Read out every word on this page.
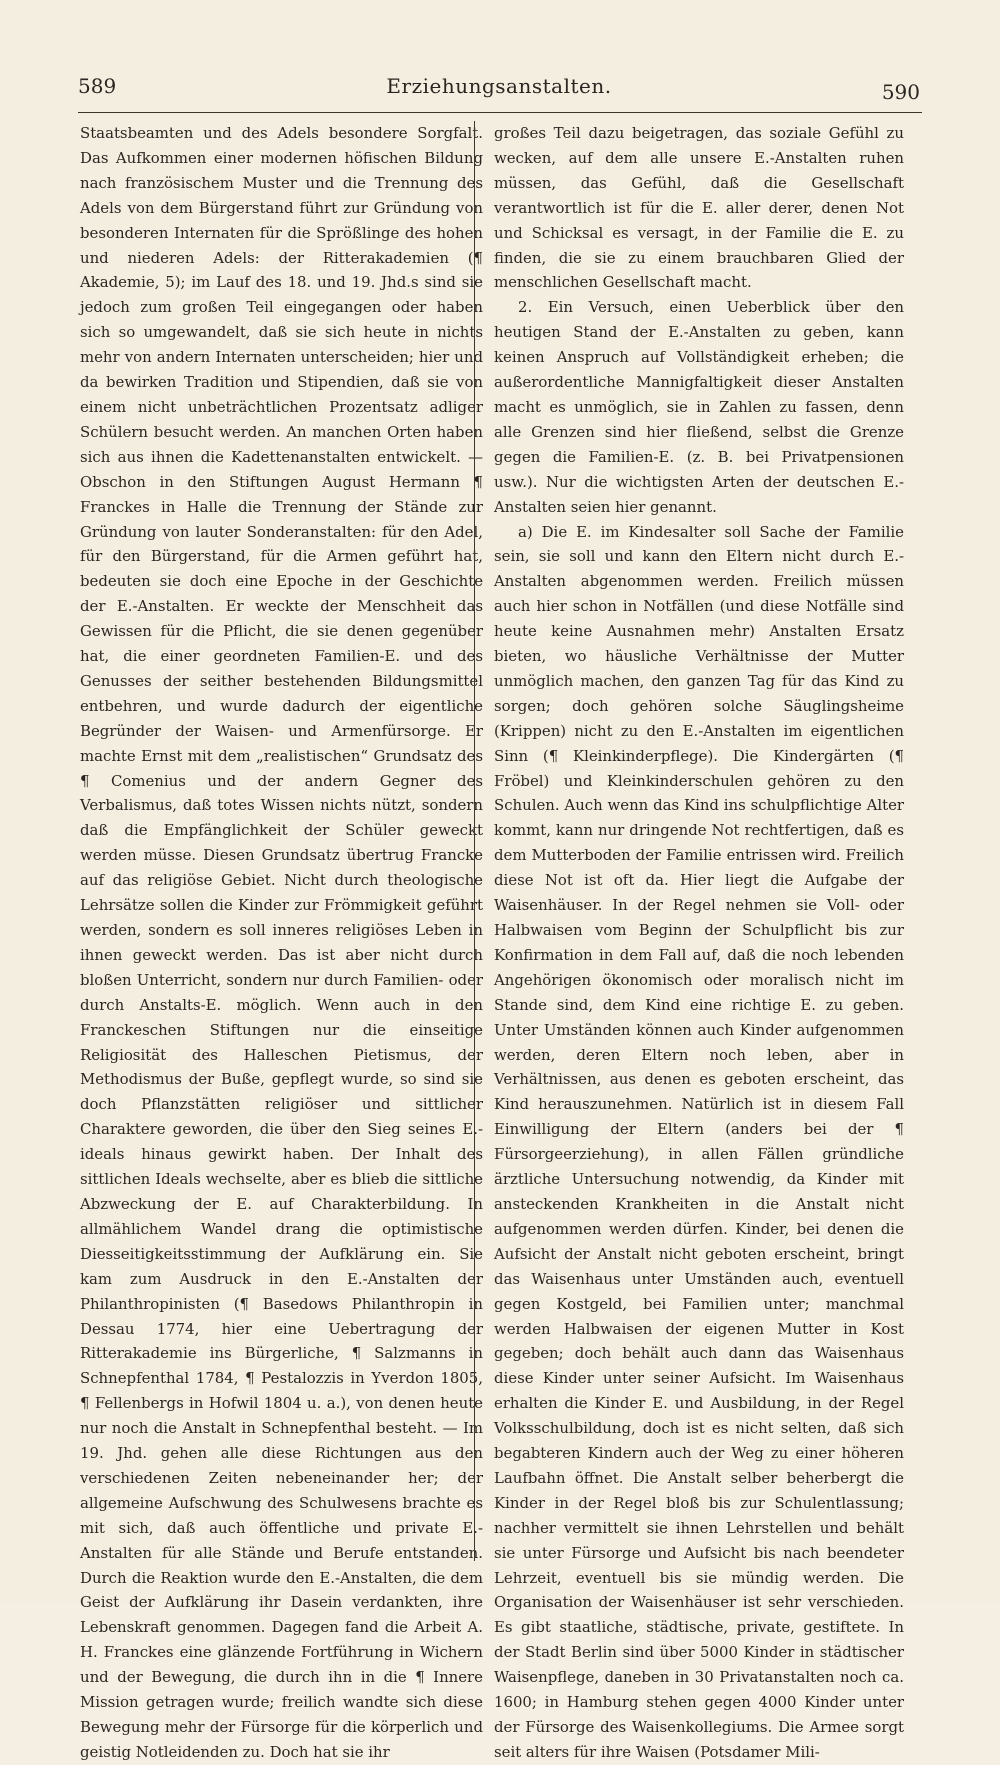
589	Erziehungsanstalten.	590

Staatsbeamten und des Adels besondere Sorgfalt. Das Aufkommen einer modernen höfischen Bildung nach französischem Muster und die Trennung des Adels von dem Bürgerstand führt zur Gründung von besonderen Internaten für die Sprößlinge des hohen und niederen Adels: der Ritterakademien (¶ Akademie, 5); im Lauf des 18. und 19. Jhd.s sind sie jedoch zum großen Teil eingegangen oder haben sich so umgewandelt, daß sie sich heute in nichts mehr von andern Internaten unterscheiden; hier und da bewirken Tradition und Stipendien, daß sie von einem nicht unbeträchtlichen Prozentsatz adliger Schülern besucht werden. An manchen Orten haben sich aus ihnen die Kadettenanstalten entwickelt. — Obschon in den Stiftungen August Hermann ¶ Franckes in Halle die Trennung der Stände zur Gründung von lauter Sonderanstalten: für den Adel, für den Bürgerstand, für die Armen geführt hat, bedeuten sie doch eine Epoche in der Geschichte der E.-Anstalten. Er weckte der Menschheit das Gewissen für die Pflicht, die sie denen gegenüber hat, die einer geordneten Familien-E. und des Genusses der seither bestehenden Bildungsmittel entbehren, und wurde dadurch der eigentliche Begründer der Waisen- und Armenfürsorge. Er machte Ernst mit dem „realistischen“ Grundsatz des ¶ Comenius und der andern Gegner des Verbalismus, daß totes Wissen nichts nützt, sondern daß die Empfänglichkeit der Schüler geweckt werden müsse. Diesen Grundsatz übertrug Francke auf das religiöse Gebiet. Nicht durch theologische Lehrsätze sollen die Kinder zur Frömmigkeit geführt werden, sondern es soll inneres religiöses Leben in ihnen geweckt werden. Das ist aber nicht durch bloßen Unterricht, sondern nur durch Familien- oder durch Anstalts-E. möglich. Wenn auch in den Franckeschen Stiftungen nur die einseitige Religiosität des Halleschen Pietismus, der Methodismus der Buße, gepflegt wurde, so sind sie doch Pflanzstätten religiöser und sittlicher Charaktere geworden, die über den Sieg seines E.-ideals hinaus gewirkt haben. Der Inhalt des sittlichen Ideals wechselte, aber es blieb die sittliche Abzweckung der E. auf Charakterbildung. In allmählichem Wandel drang die optimistische Diesseitigkeitsstimmung der Aufklärung ein. Sie kam zum Ausdruck in den E.-Anstalten der Philanthropinisten (¶ Basedows Philanthropin in Dessau 1774, hier eine Uebertragung der Ritterakademie ins Bürgerliche, ¶ Salzmanns in Schnepfenthal 1784, ¶ Pestalozzis in Yverdon 1805, ¶ Fellenbergs in Hofwil 1804 u. a.), von denen heute nur noch die Anstalt in Schnepfenthal besteht. — Im 19. Jhd. gehen alle diese Richtungen aus den verschiedenen Zeiten nebeneinander her; der allgemeine Aufschwung des Schulwesens brachte es mit sich, daß auch öffentliche und private E.-Anstalten für alle Stände und Berufe entstanden. Durch die Reaktion wurde den E.-Anstalten, die dem Geist der Aufklärung ihr Dasein verdankten, ihre Lebenskraft genommen. Dagegen fand die Arbeit A. H. Franckes eine glänzende Fortführung in Wichern und der Bewegung, die durch ihn in die ¶ Innere Mission getragen wurde; freilich wandte sich diese Bewegung mehr der Fürsorge für die körperlich und geistig Notleidenden zu. Doch hat sie ihr

großes Teil dazu beigetragen, das soziale Gefühl zu wecken, auf dem alle unsere E.-Anstalten ruhen müssen, das Gefühl, daß die Gesellschaft verantwortlich ist für die E. aller derer, denen Not und Schicksal es versagt, in der Familie die E. zu finden, die sie zu einem brauchbaren Glied der menschlichen Gesellschaft macht.

2. Ein Versuch, einen Ueberblick über den heutigen Stand der E.-Anstalten zu geben, kann keinen Anspruch auf Vollständigkeit erheben; die außerordentliche Mannigfaltigkeit dieser Anstalten macht es unmöglich, sie in Zahlen zu fassen, denn alle Grenzen sind hier fließend, selbst die Grenze gegen die Familien-E. (z. B. bei Privatpensionen usw.). Nur die wichtigsten Arten der deutschen E.-Anstalten seien hier genannt.

a) Die E. im Kindesalter soll Sache der Familie sein, sie soll und kann den Eltern nicht durch E.-Anstalten abgenommen werden. Freilich müssen auch hier schon in Notfällen (und diese Notfälle sind heute keine Ausnahmen mehr) Anstalten Ersatz bieten, wo häusliche Verhältnisse der Mutter unmöglich machen, den ganzen Tag für das Kind zu sorgen; doch gehören solche Säuglingsheime (Krippen) nicht zu den E.-Anstalten im eigentlichen Sinn (¶ Kleinkinderpflege). Die Kindergärten (¶ Fröbel) und Kleinkinderschulen gehören zu den Schulen. Auch wenn das Kind ins schulpflichtige Alter kommt, kann nur dringende Not rechtfertigen, daß es dem Mutterboden der Familie entrissen wird. Freilich diese Not ist oft da. Hier liegt die Aufgabe der Waisenhäuser. In der Regel nehmen sie Voll- oder Halbwaisen vom Beginn der Schulpflicht bis zur Konfirmation in dem Fall auf, daß die noch lebenden Angehörigen ökonomisch oder moralisch nicht im Stande sind, dem Kind eine richtige E. zu geben. Unter Umständen können auch Kinder aufgenommen werden, deren Eltern noch leben, aber in Verhältnissen, aus denen es geboten erscheint, das Kind herauszunehmen. Natürlich ist in diesem Fall Einwilligung der Eltern (anders bei der ¶ Fürsorgeerziehung), in allen Fällen gründliche ärztliche Untersuchung notwendig, da Kinder mit ansteckenden Krankheiten in die Anstalt nicht aufgenommen werden dürfen. Kinder, bei denen die Aufsicht der Anstalt nicht geboten erscheint, bringt das Waisenhaus unter Umständen auch, eventuell gegen Kostgeld, bei Familien unter; manchmal werden Halbwaisen der eigenen Mutter in Kost gegeben; doch behält auch dann das Waisenhaus diese Kinder unter seiner Aufsicht. Im Waisenhaus erhalten die Kinder E. und Ausbildung, in der Regel Volksschulbildung, doch ist es nicht selten, daß sich begabteren Kindern auch der Weg zu einer höheren Laufbahn öffnet. Die Anstalt selber beherbergt die Kinder in der Regel bloß bis zur Schulentlassung; nachher vermittelt sie ihnen Lehrstellen und behält sie unter Fürsorge und Aufsicht bis nach beendeter Lehrzeit, eventuell bis sie mündig werden. Die Organisation der Waisenhäuser ist sehr verschieden. Es gibt staatliche, städtische, private, gestiftete. In der Stadt Berlin sind über 5000 Kinder in städtischer Waisenpflege, daneben in 30 Privatanstalten noch ca. 1600; in Hamburg stehen gegen 4000 Kinder unter der Fürsorge des Waisenkollegiums. Die Armee sorgt seit alters für ihre Waisen (Potsdamer Mili-
